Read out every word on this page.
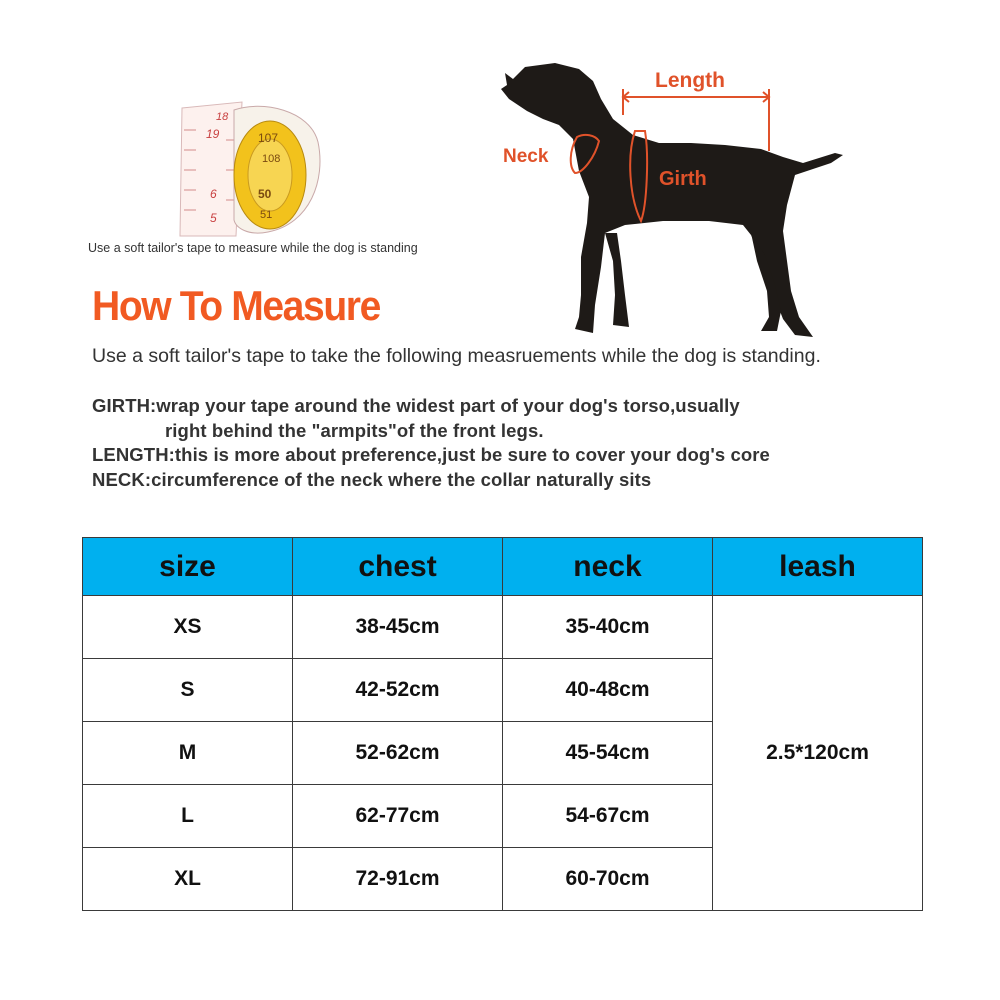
18
19	107
108
50
51
6
5
Use a soft tailor's tape to measure while the dog is standing
Length
Neck
Girth
How To Measure
Use a soft tailor's tape to take the following measruements while the dog is standing.
GIRTH:wrap your tape around the widest part of your dog's torso,usually
right behind the "armpits"of the front legs.
LENGTH:this is more about preference,just be sure to cover your dog's core
NECK:circumference of the neck where the collar naturally sits
size	chest	neck	leash
XS	38-45cm	35-40cm	2.5*120cm
S	42-52cm	40-48cm	
M	52-62cm	45-54cm	
L	62-77cm	54-67cm	
XL	72-91cm	60-70cm	
